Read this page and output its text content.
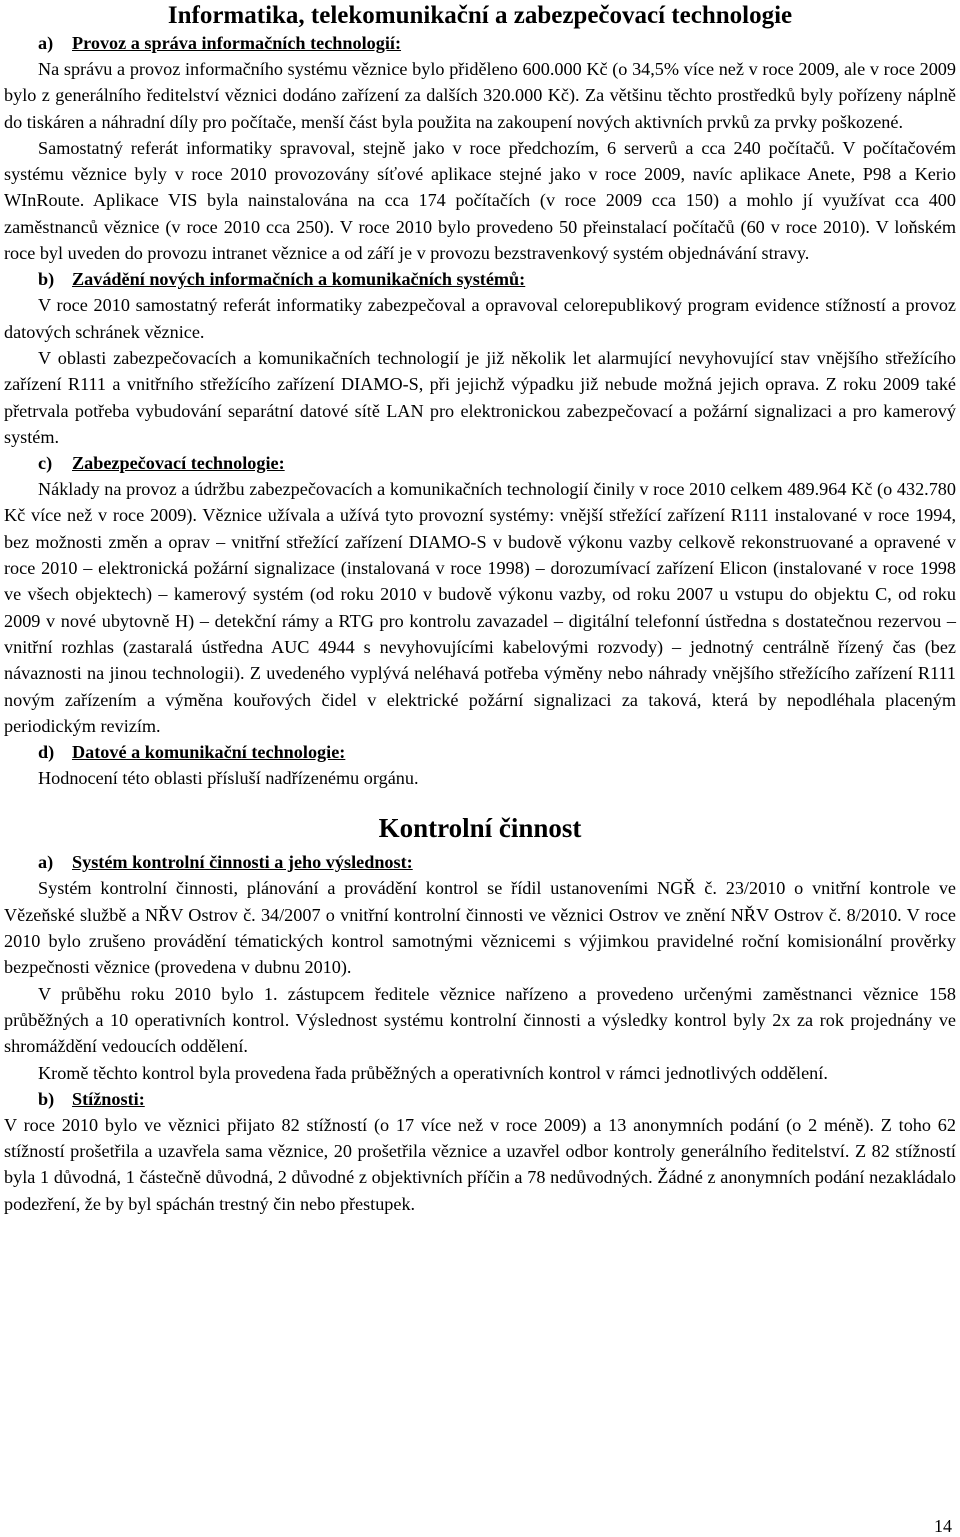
Informatika, telekomunikační a zabezpečovací technologie
a) Provoz a správa informačních technologií:

Na správu a provoz informačního systému věznice bylo přiděleno 600.000 Kč (o 34,5% více než v roce 2009, ale v roce 2009 bylo z generálního ředitelství věznici dodáno zařízení za dalších 320.000 Kč). Za většinu těchto prostředků byly pořízeny náplně do tiskáren a náhradní díly pro počítače, menší část byla použita na zakoupení nových aktivních prvků za prvky poškozené.

Samostatný referát informatiky spravoval, stejně jako v roce předchozím, 6 serverů a cca 240 počítačů. V počítačovém systému věznice byly v roce 2010 provozovány síťové aplikace stejné jako v roce 2009, navíc aplikace Anete, P98 a Kerio WInRoute. Aplikace VIS byla nainstalována na cca 174 počítačích (v roce 2009 cca 150) a mohlo jí využívat cca 400 zaměstnanců věznice (v roce 2010 cca 250). V roce 2010 bylo provedeno 50 přeinstalací počítačů (60 v roce 2010). V loňském roce byl uveden do provozu intranet věznice a od září je v provozu bezstravenkový systém objednávání stravy.

b) Zavádění nových informačních a komunikačních systémů:

V roce 2010 samostatný referát informatiky zabezpečoval a opravoval celorepublikový program evidence stížností a provoz datových schránek věznice.

V oblasti zabezpečovacích a komunikačních technologií je již několik let alarmující nevyhovující stav vnějšího střežícího zařízení R111 a vnitřního střežícího zařízení DIAMO-S, při jejichž výpadku již nebude možná jejich oprava. Z roku 2009 také přetrvala potřeba vybudování separátní datové sítě LAN pro elektronickou zabezpečovací a požární signalizaci a pro kamerový systém.

c) Zabezpečovací technologie:

Náklady na provoz a údržbu zabezpečovacích a komunikačních technologií činily v roce 2010 celkem 489.964 Kč (o 432.780 Kč více než v roce 2009). Věznice užívala a užívá tyto provozní systémy: vnější střežící zařízení R111 instalované v roce 1994, bez možnosti změn a oprav – vnitřní střežící zařízení DIAMO-S v budově výkonu vazby celkově rekonstruované a opravené v roce 2010 – elektronická požární signalizace (instalovaná v roce 1998) – dorozumívací zařízení Elicon (instalované v roce 1998 ve všech objektech) – kamerový systém (od roku 2010 v budově výkonu vazby, od roku 2007 u vstupu do objektu C, od roku 2009 v nové ubytovně H) – detekční rámy a RTG pro kontrolu zavazadel – digitální telefonní ústředna s dostatečnou rezervou – vnitřní rozhlas (zastaralá ústředna AUC 4944 s nevyhovujícími kabelovými rozvody) – jednotný centrálně řízený čas (bez návaznosti na jinou technologii). Z uvedeného vyplývá neléhavá potřeba výměny nebo náhrady vnějšího střežícího zařízení R111 novým zařízením a výměna kouřových čidel v elektrické požární signalizaci za taková, která by nepodléhala placeným periodickým revizím.

d) Datové a komunikační technologie:

Hodnocení této oblasti přísluší nadřízenému orgánu.

Kontrolní činnost
a) Systém kontrolní činnosti a jeho výslednost:

Systém kontrolní činnosti, plánování a provádění kontrol se řídil ustanoveními NGŘ č. 23/2010 o vnitřní kontrole ve Vězeňské službě a NŘV Ostrov č. 34/2007 o vnitřní kontrolní činnosti ve věznici Ostrov ve znění NŘV Ostrov č. 8/2010. V roce 2010 bylo zrušeno provádění tématických kontrol samotnými věznicemi s výjimkou pravidelné roční komisionální prověrky bezpečnosti věznice (provedena v dubnu 2010).

V průběhu roku 2010 bylo 1. zástupcem ředitele věznice nařízeno a provedeno určenými zaměstnanci věznice 158 průběžných a 10 operativních kontrol. Výslednost systému kontrolní činnosti a výsledky kontrol byly 2x za rok projednány ve shromáždění vedoucích oddělení.

Kromě těchto kontrol byla provedena řada průběžných a operativních kontrol v rámci jednotlivých oddělení.

b) Stížnosti:

V roce 2010 bylo ve věznici přijato 82 stížností (o 17 více než v roce 2009) a 13 anonymních podání (o 2 méně). Z toho 62 stížností prošetřila a uzavřela sama věznice, 20 prošetřila věznice a uzavřel odbor kontroly generálního ředitelství. Z 82 stížností byla 1 důvodná, 1 částečně důvodná, 2 důvodné z objektivních příčin a 78 nedůvodných. Žádné z anonymních podání nezakládalo podezření, že by byl spáchán trestný čin nebo přestupek.

14
